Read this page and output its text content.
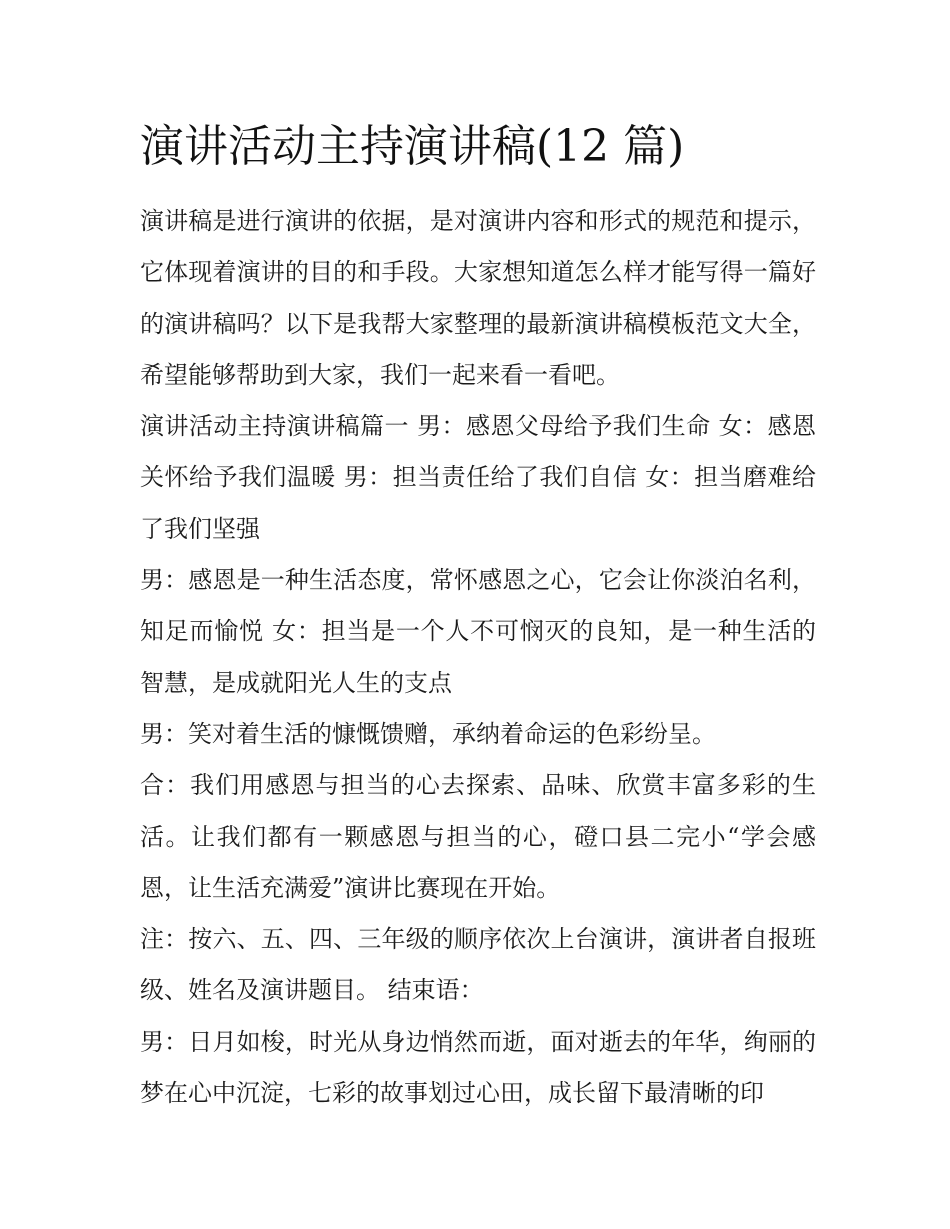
演讲活动主持演讲稿(12 篇)

演讲稿是进行演讲的依据，是对演讲内容和形式的规范和提示，它体现着演讲的目的和手段。大家想知道怎么样才能写得一篇好的演讲稿吗？以下是我帮大家整理的最新演讲稿模板范文大全，希望能够帮助到大家，我们一起来看一看吧。

演讲活动主持演讲稿篇一 男：感恩父母给予我们生命 女：感恩关怀给予我们温暖 男：担当责任给了我们自信 女：担当磨难给了我们坚强

男：感恩是一种生活态度，常怀感恩之心，它会让你淡泊名利，知足而愉悦 女：担当是一个人不可悯灭的良知，是一种生活的智慧，是成就阳光人生的支点

男：笑对着生活的慷慨馈赠，承纳着命运的色彩纷呈。

合：我们用感恩与担当的心去探索、品味、欣赏丰富多彩的生活。让我们都有一颗感恩与担当的心，磴口县二完小“学会感恩，让生活充满爱”演讲比赛现在开始。

注：按六、五、四、三年级的顺序依次上台演讲，演讲者自报班级、姓名及演讲题目。 结束语：

男：日月如梭，时光从身边悄然而逝，面对逝去的年华，绚丽的梦在心中沉淀，七彩的故事划过心田，成长留下最清晰的印
